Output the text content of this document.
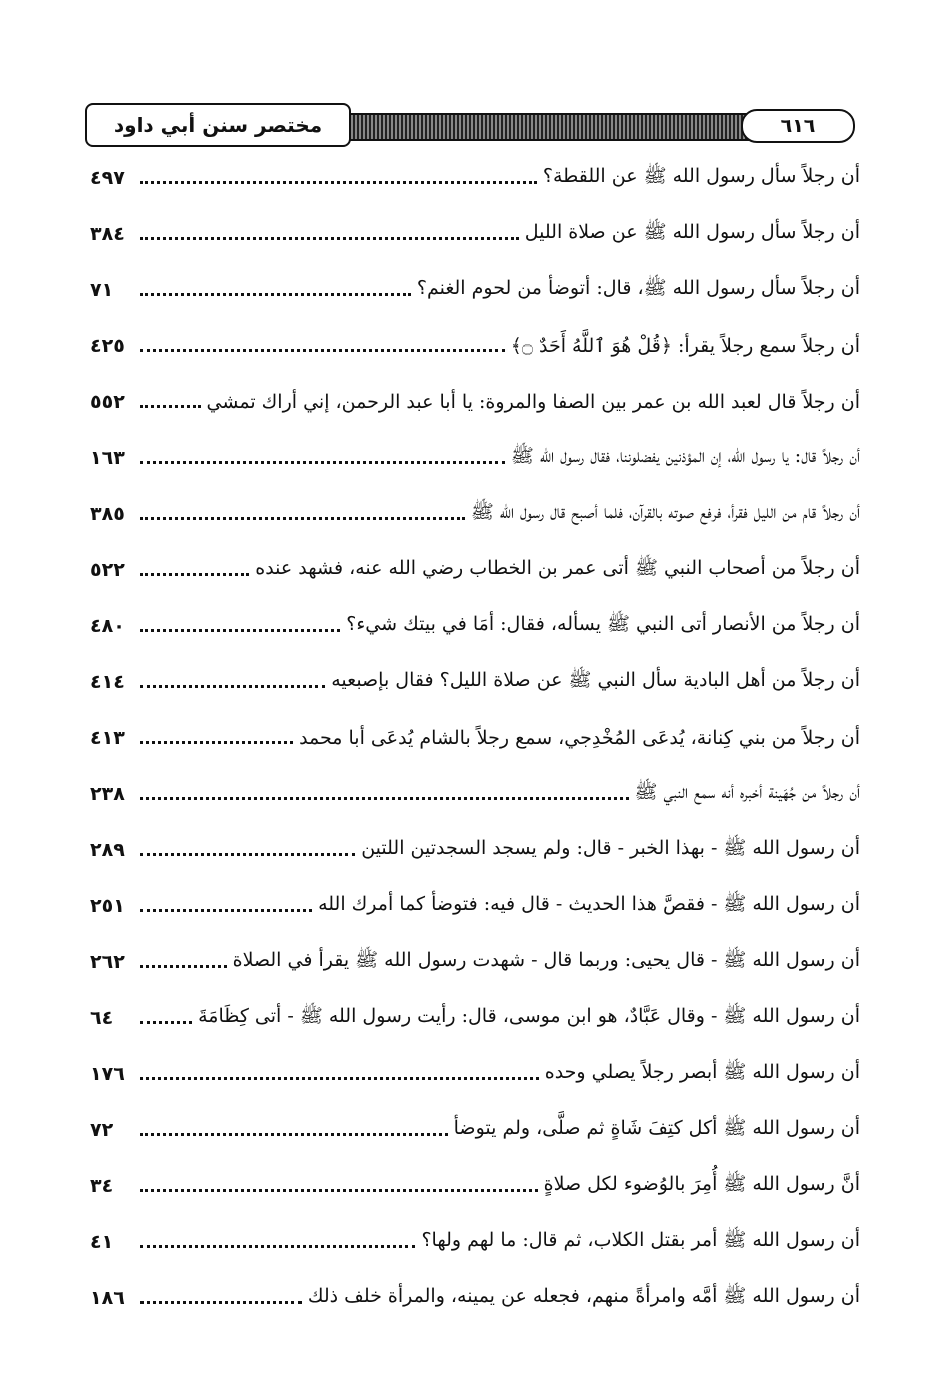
مختصر سنن أبي داود	٦١٦
أن رجلاً سأل رسول الله ﷺ عن اللقطة؟
٤٩٧
أن رجلاً سأل رسول الله ﷺ عن صلاة الليل
٣٨٤
أن رجلاً سأل رسول الله ﷺ، قال: أتوضأ من لحوم الغنم؟
٧١
أن رجلاً سمع رجلاً يقرأ: ﴿قُلْ هُوَ ٱللَّهُ أَحَدٌ ۝﴾
٤٢٥
أن رجلاً قال لعبد الله بن عمر بين الصفا والمروة: يا أبا عبد الرحمن، إني أراك تمشي
٥٥٢
أن رجلاً قال: يا رسول الله، إن المؤذنين يفضلوننا، فقال رسول الله ﷺ
١٦٣
أن رجلاً قام من الليل فقرأ، فرفع صوته بالقرآن، فلما أصبح قال رسول الله ﷺ
٣٨٥
أن رجلاً من أصحاب النبي ﷺ أتى عمر بن الخطاب رضي الله عنه، فشهد عنده
٥٢٢
أن رجلاً من الأنصار أتى النبي ﷺ يسأله، فقال: أمَا في بيتك شيء؟
٤٨٠
أن رجلاً من أهل البادية سأل النبي ﷺ عن صلاة الليل؟ فقال بإصبعيه
٤١٤
أن رجلاً من بني كِنانة، يُدعَى المُخْدِجي، سمع رجلاً بالشام يُدعَى أبا محمد
٤١٣
أن رجلاً من جُهَينة أخبره أنه سمع النبي ﷺ
٢٣٨
أن رسول الله ﷺ - بهذا الخبر - قال: ولم يسجد السجدتين اللتين
٢٨٩
أن رسول الله ﷺ - فقصَّ هذا الحديث - قال فيه: فتوضأ كما أمرك الله
٢٥١
أن رسول الله ﷺ - قال يحيى: وربما قال - شهدت رسول الله ﷺ يقرأ في الصلاة
٢٦٢
أن رسول الله ﷺ - وقال عَبَّادٌ، هو ابن موسى، قال: رأيت رسول الله ﷺ - أتى كِظَامَةَ
٦٤
أن رسول الله ﷺ أبصر رجلاً يصلي وحده
١٧٦
أن رسول الله ﷺ أكل كتِفَ شَاةٍ ثم صلَّى، ولم يتوضأ
٧٢
أنَّ رسول الله ﷺ أُمِرَ بالوُضوء لكل صلاةٍ
٣٤
أن رسول الله ﷺ أمر بقتل الكلاب، ثم قال: ما لهم ولها؟
٤١
أن رسول الله ﷺ أمَّه وامرأةً منهم، فجعله عن يمينه، والمرأة خلف ذلك
١٨٦
